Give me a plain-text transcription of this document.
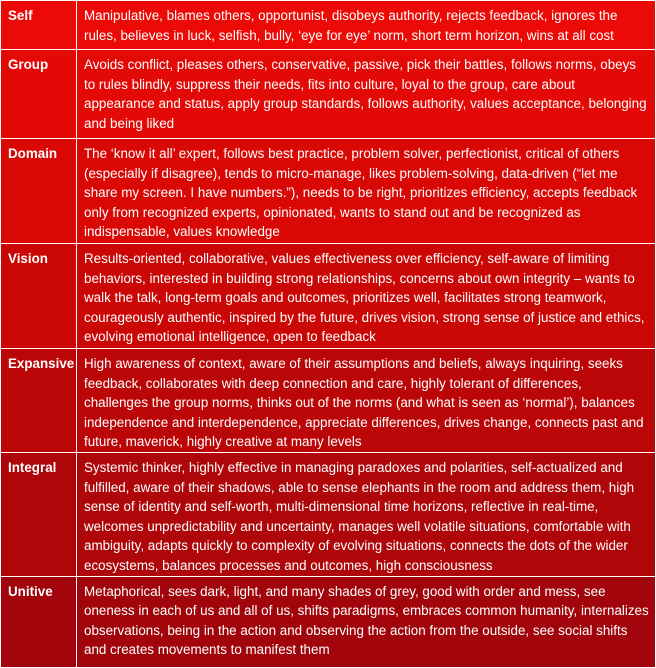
Self	Manipulative, blames others, opportunist, disobeys authority, rejects feedback, ignores the rules, believes in luck, selfish, bully, ‘eye for eye’ norm, short term horizon, wins at all cost
Group	Avoids conflict, pleases others, conservative, passive, pick their battles, follows norms, obeys to rules blindly, suppress their needs, fits into culture, loyal to the group, care about appearance and status, apply group standards, follows authority, values acceptance, belonging and being liked
Domain	The ‘know it all’ expert, follows best practice, problem solver, perfectionist, critical of others (especially if disagree), tends to micro-manage, likes problem-solving, data-driven (“let me share my screen. I have numbers.”), needs to be right, prioritizes efficiency, accepts feedback only from recognized experts, opinionated, wants to stand out and be recognized as indispensable, values knowledge
Vision	Results-oriented, collaborative, values effectiveness over efficiency, self-aware of limiting behaviors, interested in building strong relationships, concerns about own integrity – wants to walk the talk, long-term goals and outcomes, prioritizes well, facilitates strong teamwork, courageously authentic, inspired by the future, drives vision, strong sense of justice and ethics, evolving emotional intelligence, open to feedback
Expansive	High awareness of context, aware of their assumptions and beliefs, always inquiring, seeks feedback, collaborates with deep connection and care, highly tolerant of differences, challenges the group norms, thinks out of the norms (and what is seen as ‘normal’), balances independence and interdependence, appreciate differences, drives change, connects past and future, maverick, highly creative at many levels
Integral	Systemic thinker, highly effective in managing paradoxes and polarities, self-actualized and fulfilled, aware of their shadows, able to sense elephants in the room and address them, high sense of identity and self-worth, multi-dimensional time horizons, reflective in real-time, welcomes unpredictability and uncertainty, manages well volatile situations, comfortable with ambiguity, adapts quickly to complexity of evolving situations, connects the dots of the wider ecosystems, balances processes and outcomes, high consciousness
Unitive	Metaphorical, sees dark, light, and many shades of grey, good with order and mess, see oneness in each of us and all of us, shifts paradigms, embraces common humanity, internalizes observations, being in the action and observing the action from the outside, see social shifts and creates movements to manifest them
